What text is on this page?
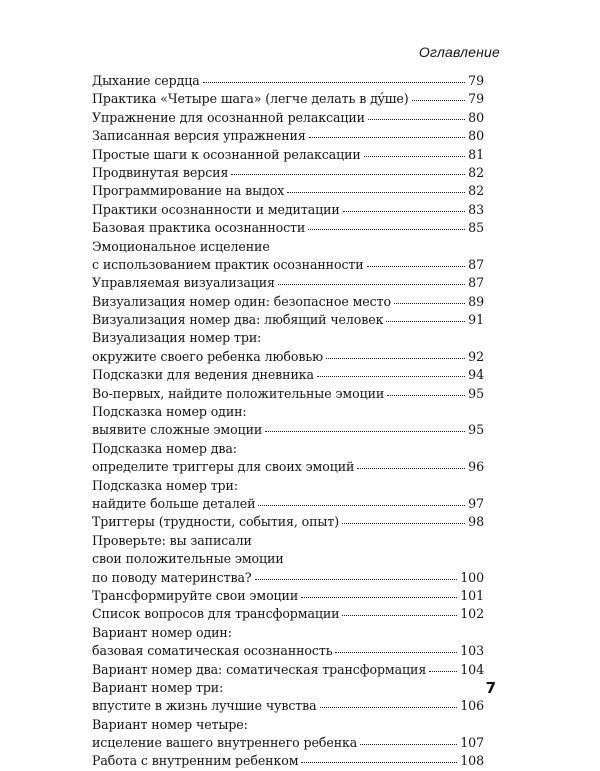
Оглавление
Дыхание сердца	79
Практика «Четыре шага» (легче делать в дýше)	79
Упражнение для осознанной релаксации	80
Записанная версия упражнения	80
Простые шаги к осознанной релаксации	81
Продвинутая версия	82
Программирование на выдох	82
Практики осознанности и медитации	83
Базовая практика осознанности	85
Эмоциональное исцеление
с использованием практик осознанности	87
Управляемая визуализация	87
Визуализация номер один: безопасное место	89
Визуализация номер два: любящий человек	91
Визуализация номер три:
окружите своего ребенка любовью	92
Подсказки для ведения дневника	94
Во-первых, найдите положительные эмоции	95
Подсказка номер один:
выявите сложные эмоции	95
Подсказка номер два:
определите триггеры для своих эмоций	96
Подсказка номер три:
найдите больше деталей	97
Триггеры (трудности, события, опыт)	98
Проверьте: вы записали
свои положительные эмоции
по поводу материнства?	100
Трансформируйте свои эмоции	101
Список вопросов для трансформации	102
Вариант номер один:
базовая соматическая осознанность	103
Вариант номер два: соматическая трансформация	104
Вариант номер три:
впустите в жизнь лучшие чувства	106
Вариант номер четыре:
исцеление вашего внутреннего ребенка	107
Работа с внутренним ребенком	108
7
